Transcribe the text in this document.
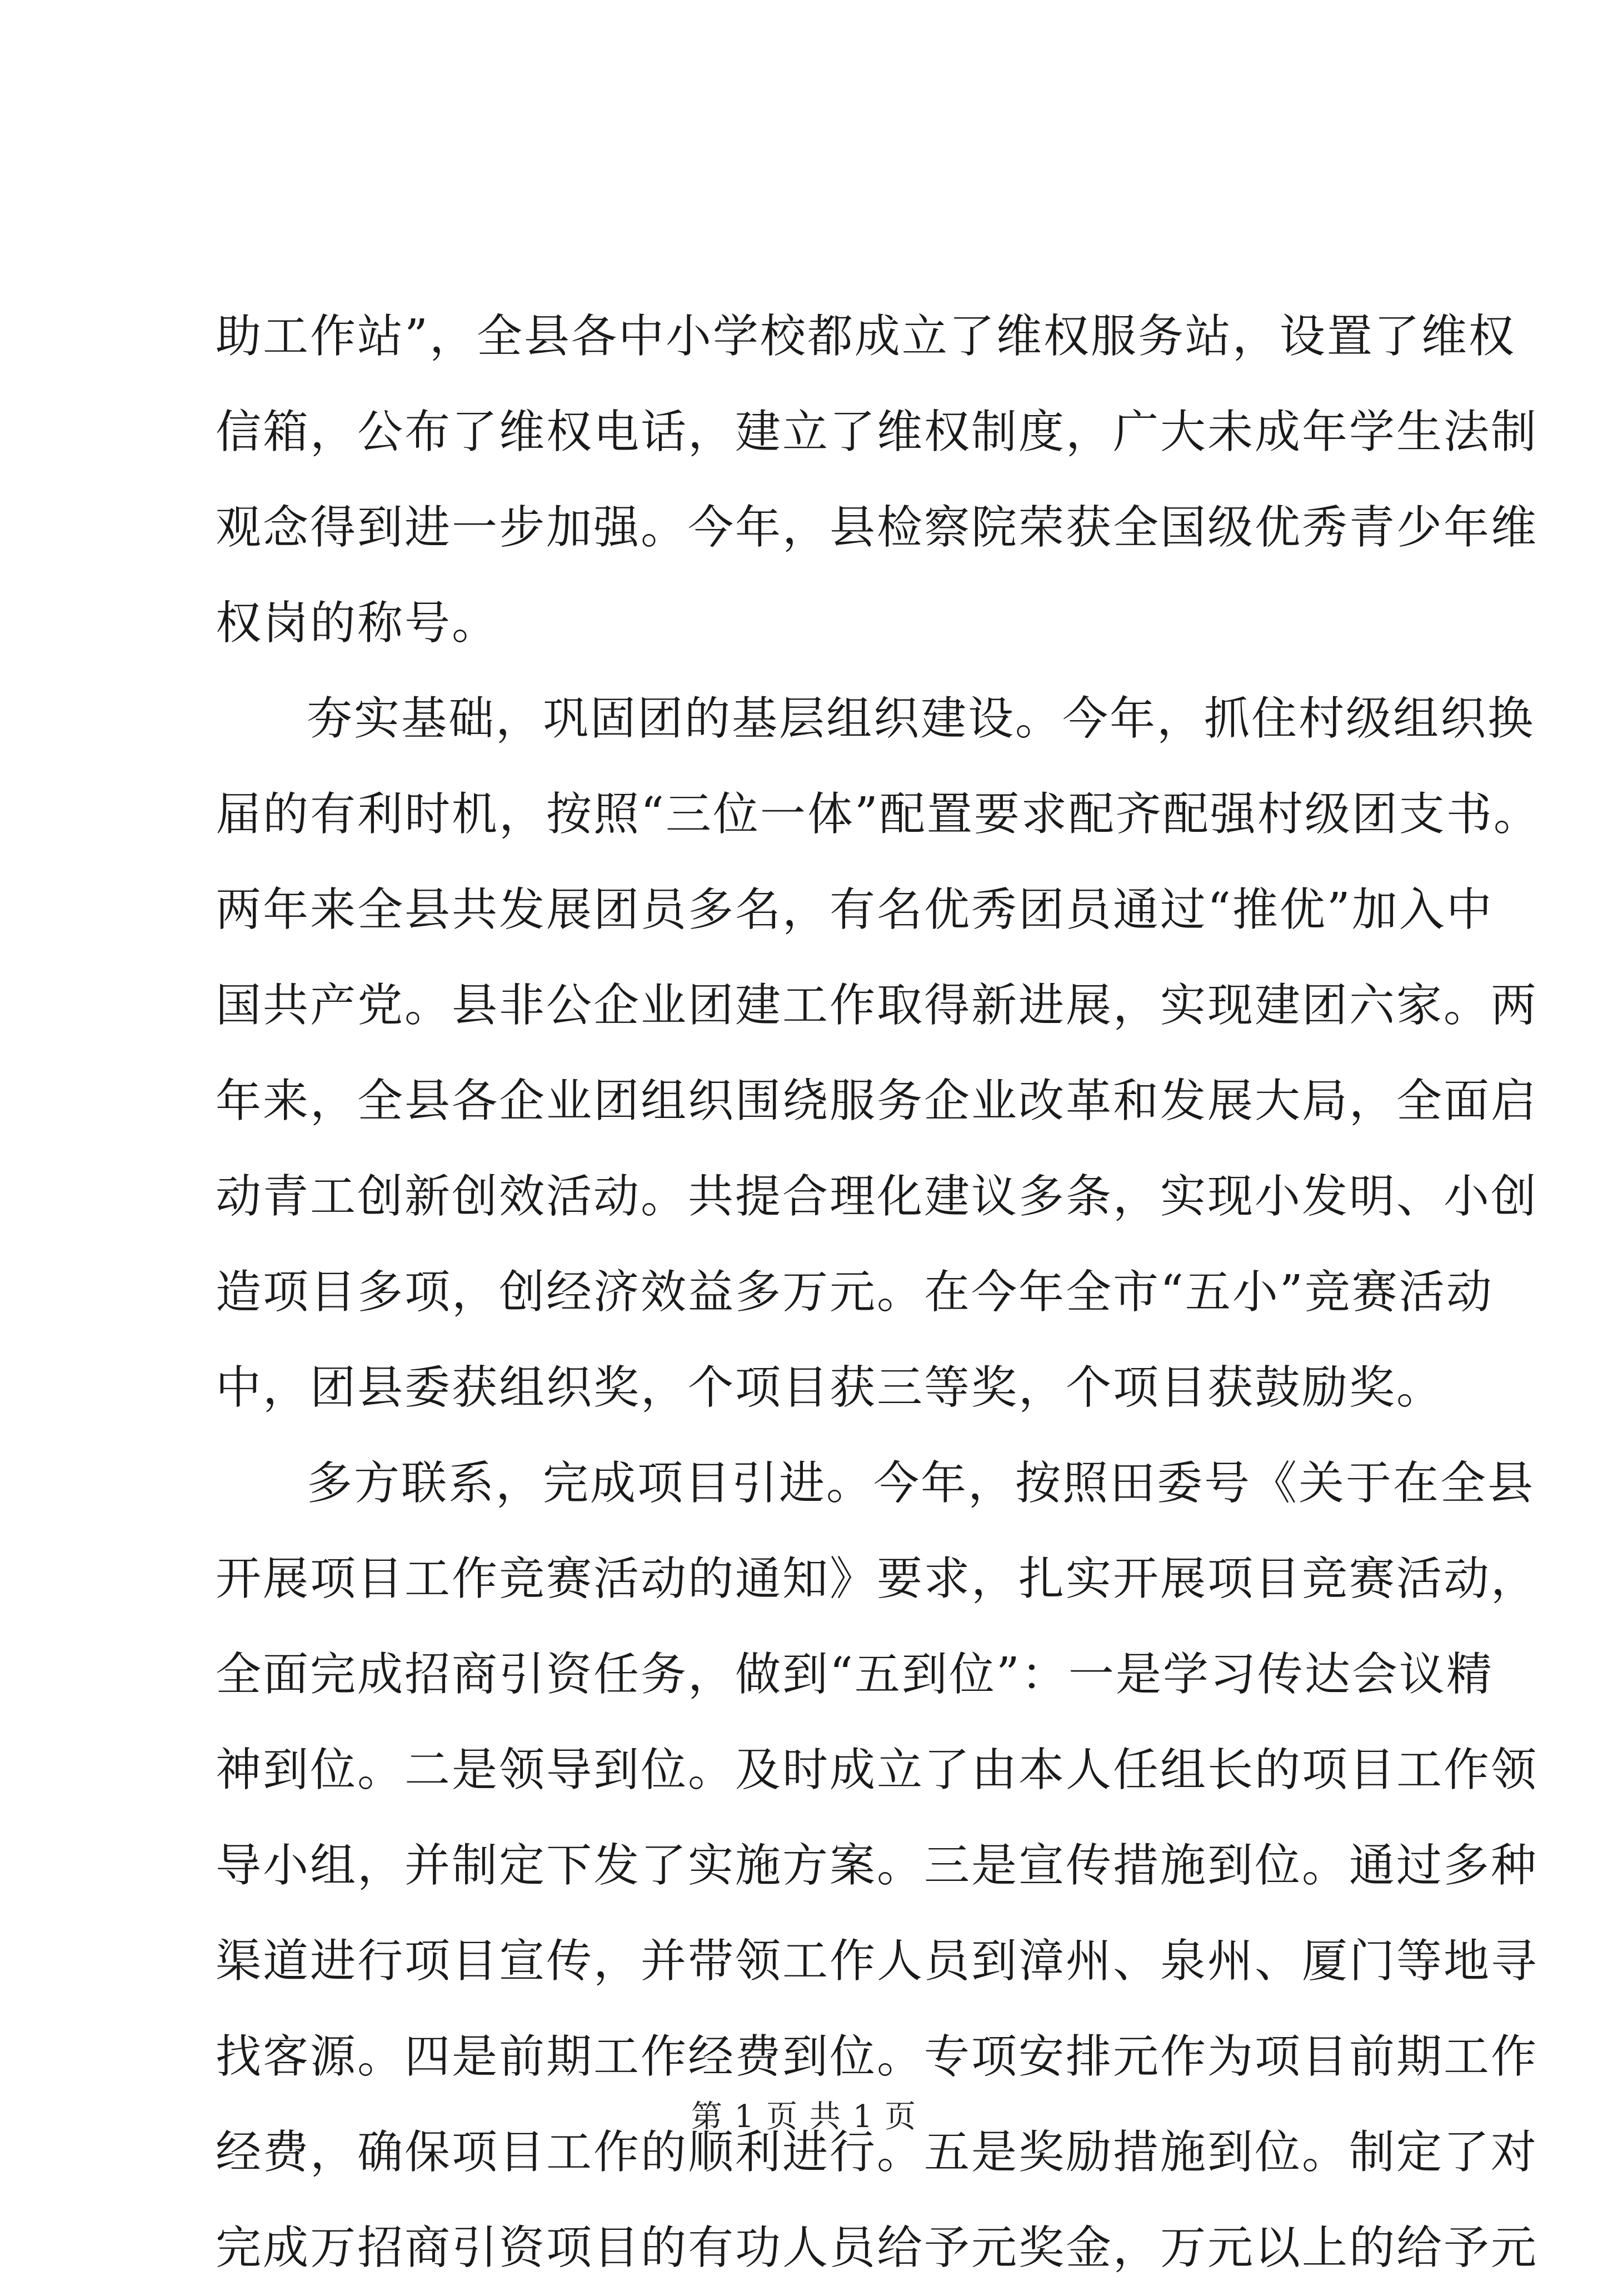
助工作站”，全县各中小学校都成立了维权服务站，设置了维权
信箱，公布了维权电话，建立了维权制度，广大未成年学生法制
观念得到进一步加强。今年，县检察院荣获全国级优秀青少年维
权岗的称号。
夯实基础，巩固团的基层组织建设。今年，抓住村级组织换
届的有利时机，按照“三位一体”配置要求配齐配强村级团支书。
两年来全县共发展团员多名，有名优秀团员通过“推优”加入中
国共产党。县非公企业团建工作取得新进展，实现建团六家。两
年来，全县各企业团组织围绕服务企业改革和发展大局，全面启
动青工创新创效活动。共提合理化建议多条，实现小发明、小创
造项目多项，创经济效益多万元。在今年全市“五小”竞赛活动
中，团县委获组织奖，个项目获三等奖，个项目获鼓励奖。
多方联系，完成项目引进。今年，按照田委号《关于在全县
开展项目工作竞赛活动的通知》要求，扎实开展项目竞赛活动，
全面完成招商引资任务，做到“五到位”：一是学习传达会议精
神到位。二是领导到位。及时成立了由本人任组长的项目工作领
导小组，并制定下发了实施方案。三是宣传措施到位。通过多种
渠道进行项目宣传，并带领工作人员到漳州、泉州、厦门等地寻
找客源。四是前期工作经费到位。专项安排元作为项目前期工作
经费，确保项目工作的顺利进行。五是奖励措施到位。制定了对
完成万招商引资项目的有功人员给予元奖金，万元以上的给予元
第 1 页 共 1 页
